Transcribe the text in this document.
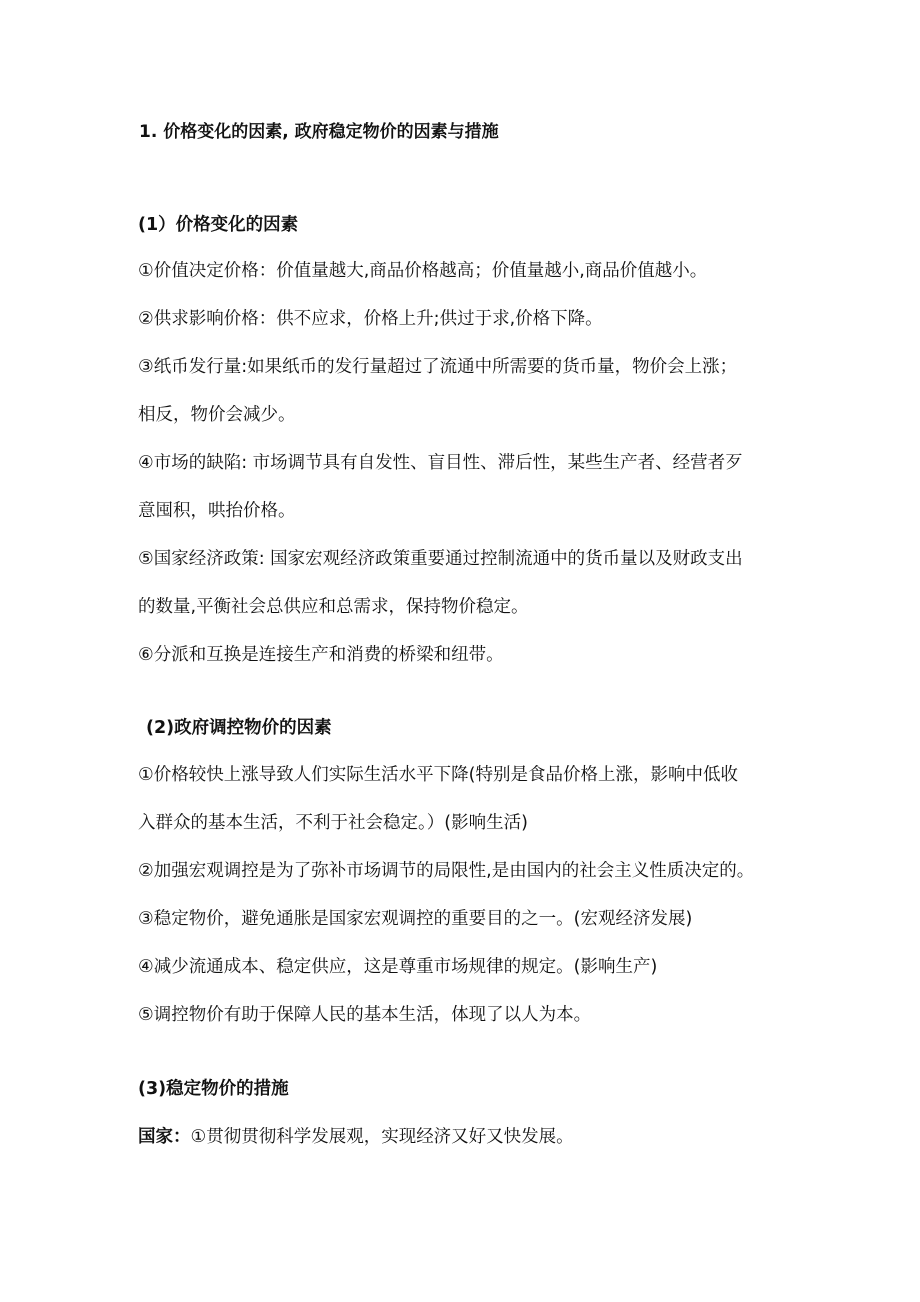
1. 价格变化的因素, 政府稳定物价的因素与措施
(1）价格变化的因素
①价值决定价格：价值量越大,商品价格越高；价值量越小,商品价值越小。
②供求影响价格：供不应求，价格上升;供过于求,价格下降。
③纸币发行量:如果纸币的发行量超过了流通中所需要的货币量，物价会上涨；
相反，物价会减少。
④市场的缺陷: 市场调节具有自发性、盲目性、滞后性，某些生产者、经营者歹
意囤积，哄抬价格。
⑤国家经济政策: 国家宏观经济政策重要通过控制流通中的货币量以及财政支出
的数量,平衡社会总供应和总需求，保持物价稳定。
⑥分派和互换是连接生产和消费的桥梁和纽带。
(2)政府调控物价的因素
①价格较快上涨导致人们实际生活水平下降(特别是食品价格上涨，影响中低收
入群众的基本生活，不利于社会稳定。）(影响生活)
②加强宏观调控是为了弥补市场调节的局限性,是由国内的社会主义性质决定的。
③稳定物价，避免通胀是国家宏观调控的重要目的之一。(宏观经济发展)
④减少流通成本、稳定供应，这是尊重市场规律的规定。(影响生产)
⑤调控物价有助于保障人民的基本生活，体现了以人为本。
(3)稳定物价的措施
国家：①贯彻贯彻科学发展观，实现经济又好又快发展。
